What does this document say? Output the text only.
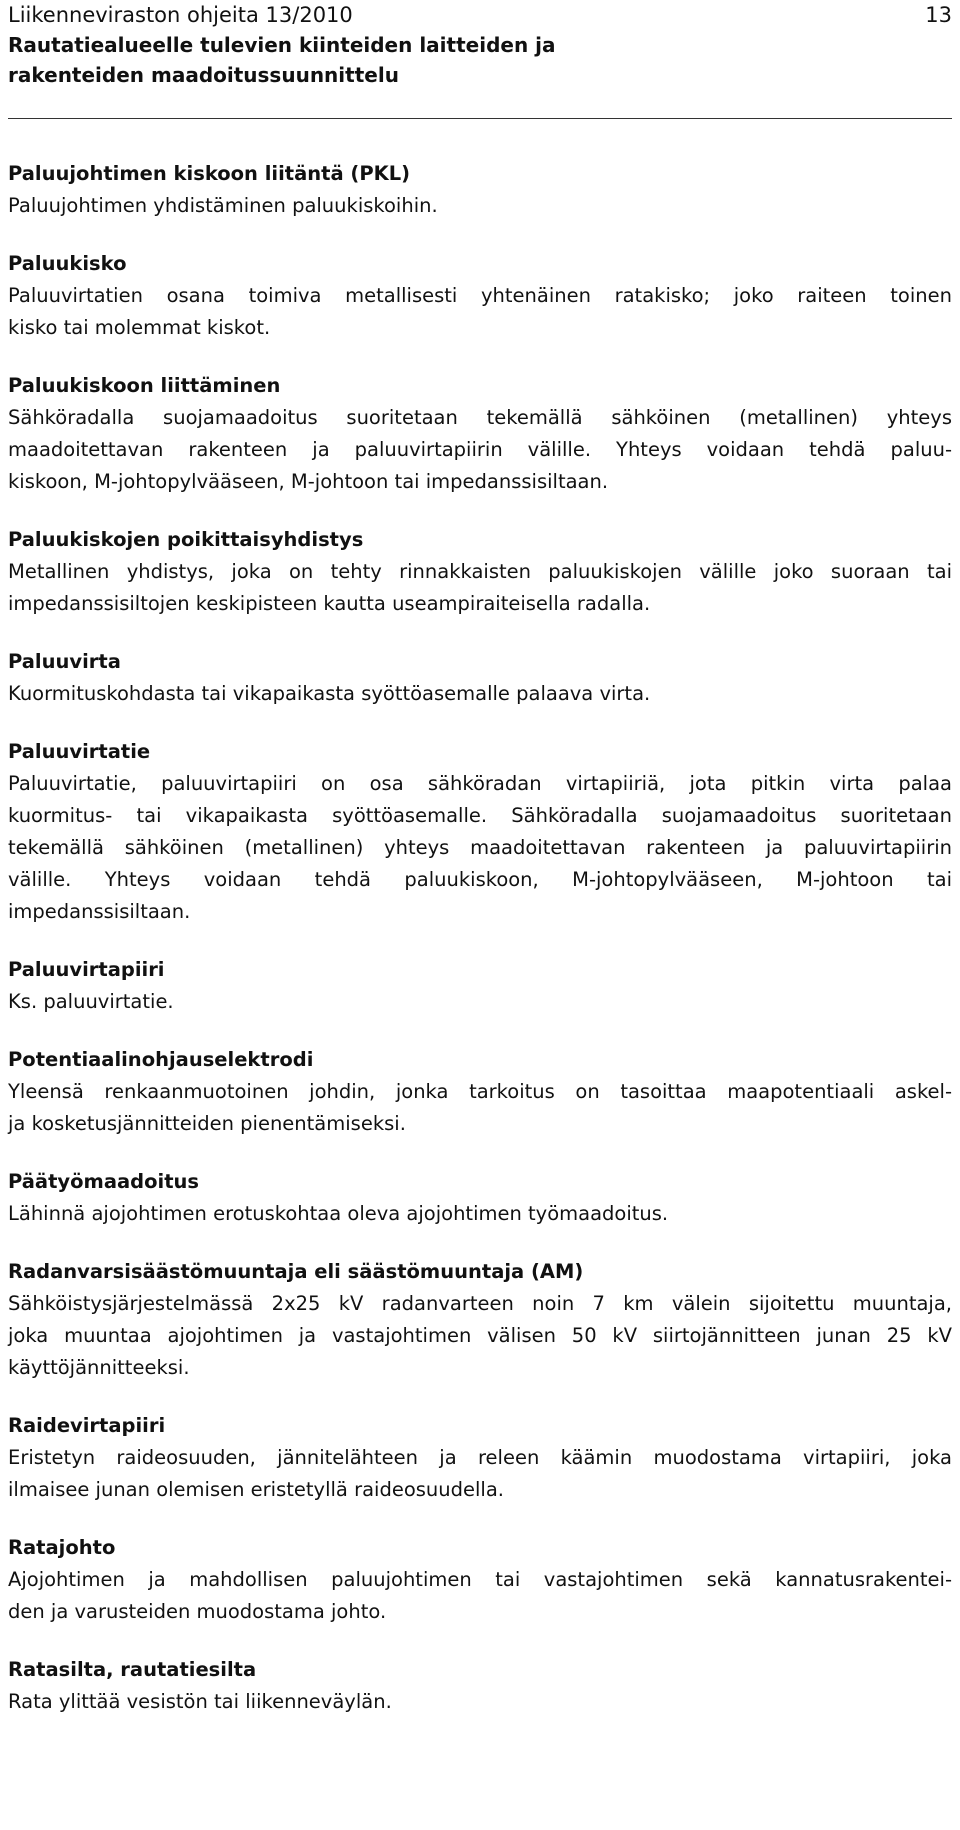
Liikenneviraston ohjeita 13/2010	13
Rautatiealueelle tulevien kiinteiden laitteiden ja
rakenteiden maadoitussuunnittelu
Paluujohtimen kiskoon liitäntä (PKL)
Paluujohtimen yhdistäminen paluukiskoihin.
Paluukisko
Paluuvirtatien osana toimiva metallisesti yhtenäinen ratakisko; joko raiteen toinen
kisko tai molemmat kiskot.
Paluukiskoon liittäminen
Sähköradalla suojamaadoitus suoritetaan tekemällä sähköinen (metallinen) yhteys
maadoitettavan rakenteen ja paluuvirtapiirin välille. Yhteys voidaan tehdä paluu-
kiskoon, M-johtopylvääseen, M-johtoon tai impedanssisiltaan.
Paluukiskojen poikittaisyhdistys
Metallinen yhdistys, joka on tehty rinnakkaisten paluukiskojen välille joko suoraan tai
impedanssisiltojen keskipisteen kautta useampiraiteisella radalla.
Paluuvirta
Kuormituskohdasta tai vikapaikasta syöttöasemalle palaava virta.
Paluuvirtatie
Paluuvirtatie, paluuvirtapiiri on osa sähköradan virtapiiriä, jota pitkin virta palaa
kuormitus- tai vikapaikasta syöttöasemalle. Sähköradalla suojamaadoitus suoritetaan
tekemällä sähköinen (metallinen) yhteys maadoitettavan rakenteen ja paluuvirtapiirin
välille. Yhteys voidaan tehdä paluukiskoon, M-johtopylvääseen, M-johtoon tai
impedanssisiltaan.
Paluuvirtapiiri
Ks. paluuvirtatie.
Potentiaalinohjauselektrodi
Yleensä renkaanmuotoinen johdin, jonka tarkoitus on tasoittaa maapotentiaali askel-
ja kosketusjännitteiden pienentämiseksi.
Päätyömaadoitus
Lähinnä ajojohtimen erotuskohtaa oleva ajojohtimen työmaadoitus.
Radanvarsisäästömuuntaja eli säästömuuntaja (AM)
Sähköistysjärjestelmässä 2x25 kV radanvarteen noin 7 km välein sijoitettu muuntaja,
joka muuntaa ajojohtimen ja vastajohtimen välisen 50 kV siirtojännitteen junan 25 kV
käyttöjännitteeksi.
Raidevirtapiiri
Eristetyn raideosuuden, jännitelähteen ja releen käämin muodostama virtapiiri, joka
ilmaisee junan olemisen eristetyllä raideosuudella.
Ratajohto
Ajojohtimen ja mahdollisen paluujohtimen tai vastajohtimen sekä kannatusrakentei-
den ja varusteiden muodostama johto.
Ratasilta, rautatiesilta
Rata ylittää vesistön tai liikenneväylän.
